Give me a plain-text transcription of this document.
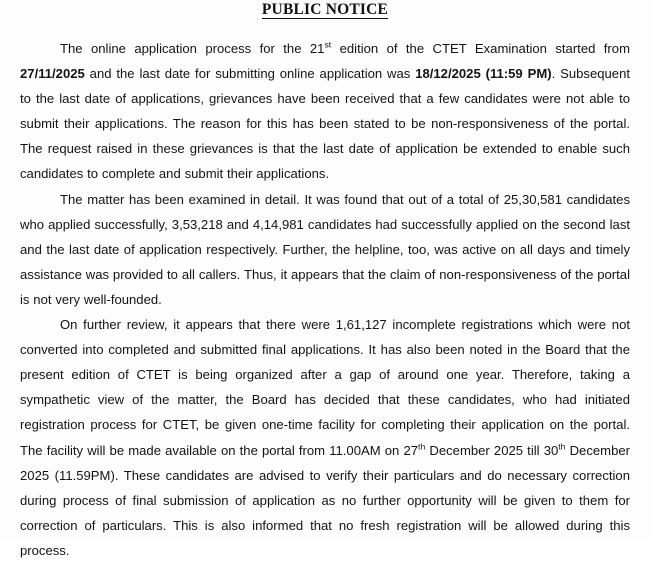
PUBLIC NOTICE

The online application process for the 21st edition of the CTET Examination started from 27/11/2025 and the last date for submitting online application was 18/12/2025 (11:59 PM). Subsequent to the last date of applications, grievances have been received that a few candidates were not able to submit their applications. The reason for this has been stated to be non-responsiveness of the portal. The request raised in these grievances is that the last date of application be extended to enable such candidates to complete and submit their applications.

The matter has been examined in detail. It was found that out of a total of 25,30,581 candidates who applied successfully, 3,53,218 and 4,14,981 candidates had successfully applied on the second last and the last date of application respectively. Further, the helpline, too, was active on all days and timely assistance was provided to all callers. Thus, it appears that the claim of non-responsiveness of the portal is not very well-founded.

On further review, it appears that there were 1,61,127 incomplete registrations which were not converted into completed and submitted final applications. It has also been noted in the Board that the present edition of CTET is being organized after a gap of around one year. Therefore, taking a sympathetic view of the matter, the Board has decided that these candidates, who had initiated registration process for CTET, be given one-time facility for completing their application on the portal. The facility will be made available on the portal from 11.00AM on 27th December 2025 till 30th December 2025 (11.59PM). These candidates are advised to verify their particulars and do necessary correction during process of final submission of application as no further opportunity will be given to them for correction of particulars. This is also informed that no fresh registration will be allowed during this process.
